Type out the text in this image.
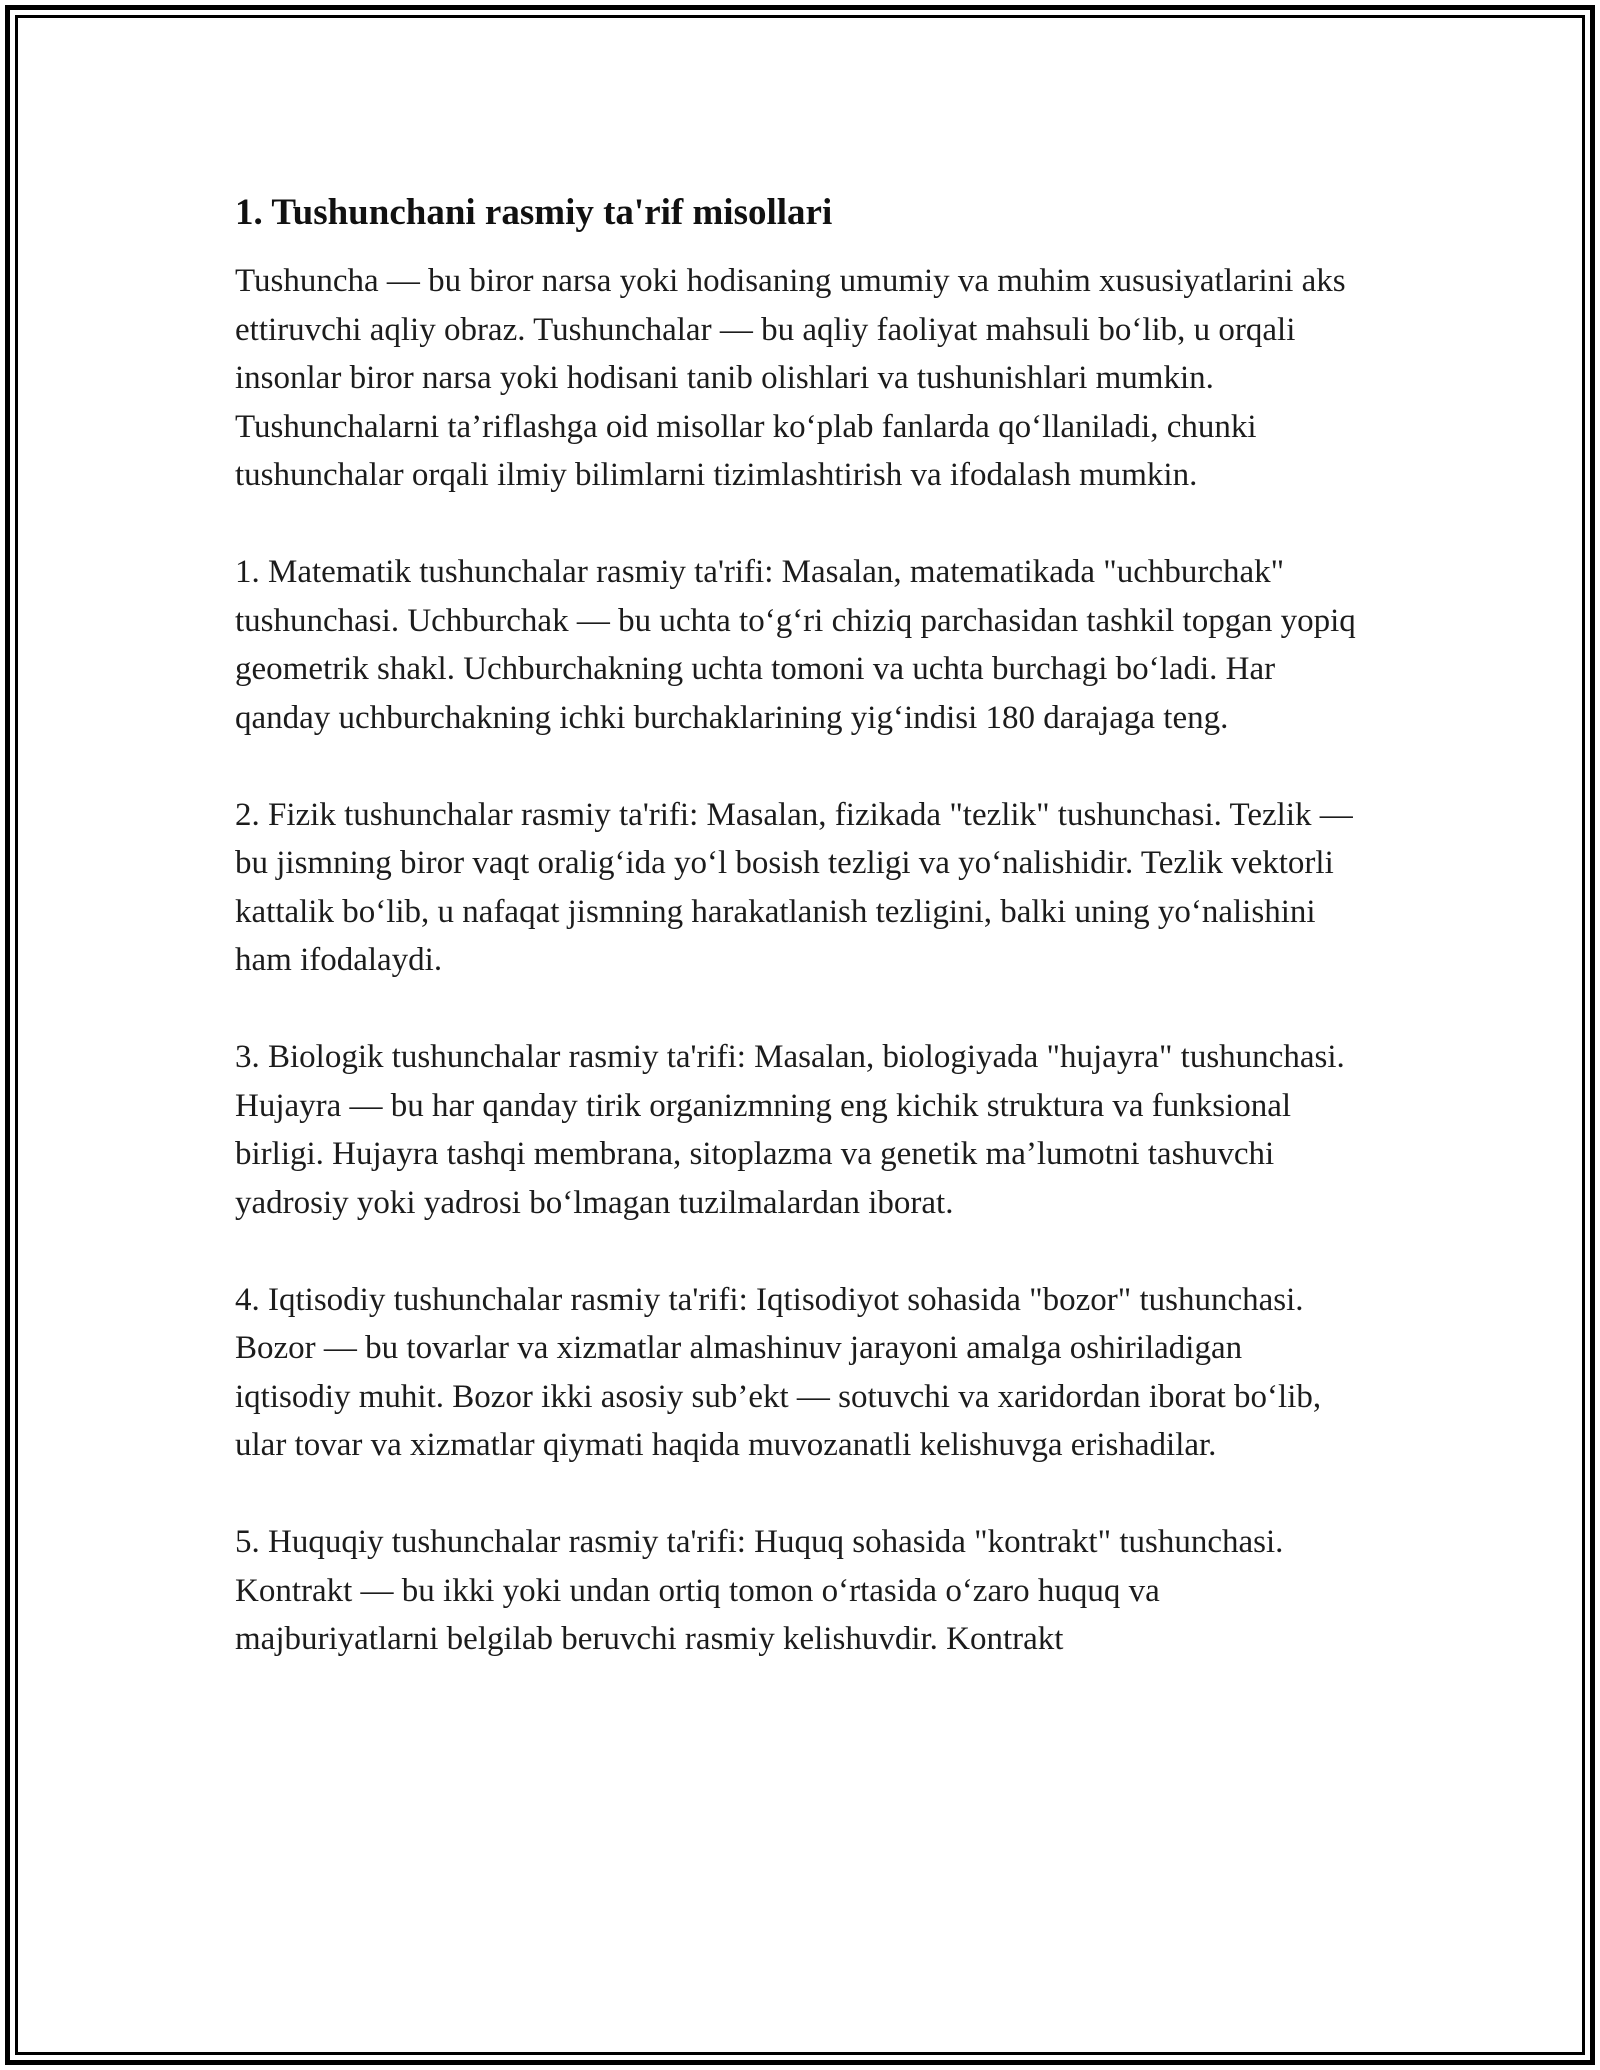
1. Tushunchani rasmiy ta'rif misollari

Tushuncha — bu biror narsa yoki hodisaning umumiy va muhim xususiyatlarini aks ettiruvchi aqliy obraz. Tushunchalar — bu aqliy faoliyat mahsuli bo‘lib, u orqali insonlar biror narsa yoki hodisani tanib olishlari va tushunishlari mumkin. Tushunchalarni ta’riflashga oid misollar ko‘plab fanlarda qo‘llaniladi, chunki tushunchalar orqali ilmiy bilimlarni tizimlashtirish va ifodalash mumkin.

1. Matematik tushunchalar rasmiy ta'rifi: Masalan, matematikada "uchburchak" tushunchasi. Uchburchak — bu uchta to‘g‘ri chiziq parchasidan tashkil topgan yopiq geometrik shakl. Uchburchakning uchta tomoni va uchta burchagi bo‘ladi. Har qanday uchburchakning ichki burchaklarining yig‘indisi 180 darajaga teng.

2. Fizik tushunchalar rasmiy ta'rifi: Masalan, fizikada "tezlik" tushunchasi. Tezlik — bu jismning biror vaqt oralig‘ida yo‘l bosish tezligi va yo‘nalishidir. Tezlik vektorli kattalik bo‘lib, u nafaqat jismning harakatlanish tezligini, balki uning yo‘nalishini ham ifodalaydi.

3. Biologik tushunchalar rasmiy ta'rifi: Masalan, biologiyada "hujayra" tushunchasi. Hujayra — bu har qanday tirik organizmning eng kichik struktura va funksional birligi. Hujayra tashqi membrana, sitoplazma va genetik ma’lumotni tashuvchi yadrosiy yoki yadrosi bo‘lmagan tuzilmalardan iborat.

4. Iqtisodiy tushunchalar rasmiy ta'rifi: Iqtisodiyot sohasida "bozor" tushunchasi. Bozor — bu tovarlar va xizmatlar almashinuv jarayoni amalga oshiriladigan iqtisodiy muhit. Bozor ikki asosiy sub’ekt — sotuvchi va xaridordan iborat bo‘lib, ular tovar va xizmatlar qiymati haqida muvozanatli kelishuvga erishadilar.

5. Huquqiy tushunchalar rasmiy ta'rifi: Huquq sohasida "kontrakt" tushunchasi. Kontrakt — bu ikki yoki undan ortiq tomon o‘rtasida o‘zaro huquq va majburiyatlarni belgilab beruvchi rasmiy kelishuvdir. Kontrakt
